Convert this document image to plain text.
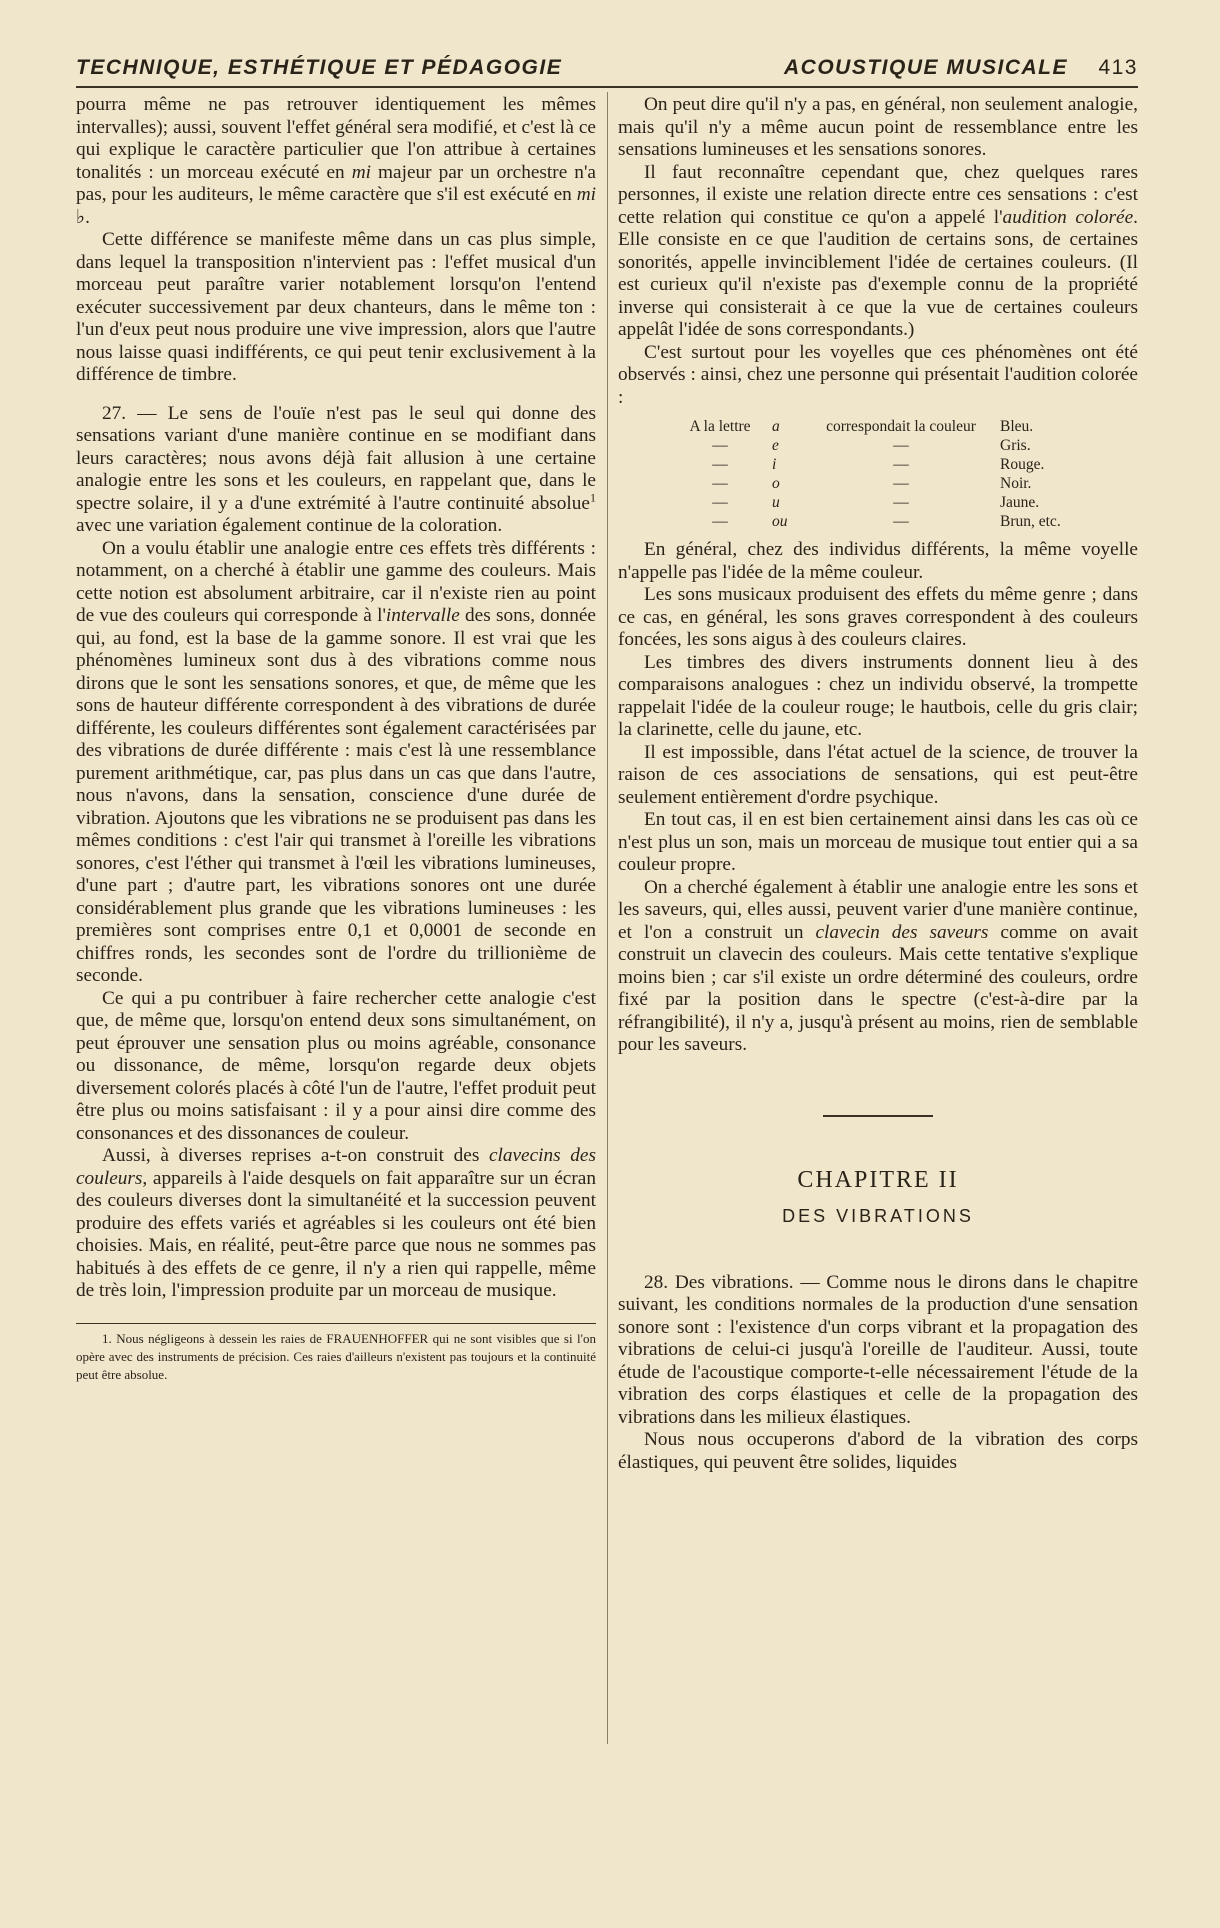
TECHNIQUE, ESTHÉTIQUE ET PÉDAGOGIE	ACOUSTIQUE MUSICALE 413

pourra même ne pas retrouver identiquement les mêmes intervalles); aussi, souvent l'effet général sera modifié, et c'est là ce qui explique le caractère particulier que l'on attribue à certaines tonalités : un morceau exécuté en mi majeur par un orchestre n'a pas, pour les auditeurs, le même caractère que s'il est exécuté en mi ♭.

Cette différence se manifeste même dans un cas plus simple, dans lequel la transposition n'intervient pas : l'effet musical d'un morceau peut paraître varier notablement lorsqu'on l'entend exécuter successivement par deux chanteurs, dans le même ton : l'un d'eux peut nous produire une vive impression, alors que l'autre nous laisse quasi indifférents, ce qui peut tenir exclusivement à la différence de timbre.

27. — Le sens de l'ouïe n'est pas le seul qui donne des sensations variant d'une manière continue en se modifiant dans leurs caractères; nous avons déjà fait allusion à une certaine analogie entre les sons et les couleurs, en rappelant que, dans le spectre solaire, il y a d'une extrémité à l'autre continuité absolue$^1$ avec une variation également continue de la coloration.

On a voulu établir une analogie entre ces effets très différents : notamment, on a cherché à établir une gamme des couleurs. Mais cette notion est absolument arbitraire, car il n'existe rien au point de vue des couleurs qui corresponde à l'intervalle des sons, donnée qui, au fond, est la base de la gamme sonore. Il est vrai que les phénomènes lumineux sont dus à des vibrations comme nous dirons que le sont les sensations sonores, et que, de même que les sons de hauteur différente correspondent à des vibrations de durée différente, les couleurs différentes sont également caractérisées par des vibrations de durée différente : mais c'est là une ressemblance purement arithmétique, car, pas plus dans un cas que dans l'autre, nous n'avons, dans la sensation, conscience d'une durée de vibration. Ajoutons que les vibrations ne se produisent pas dans les mêmes conditions : c'est l'air qui transmet à l'oreille les vibrations sonores, c'est l'éther qui transmet à l'œil les vibrations lumineuses, d'une part ; d'autre part, les vibrations sonores ont une durée considérablement plus grande que les vibrations lumineuses : les premières sont comprises entre 0,1 et 0,0001 de seconde en chiffres ronds, les secondes sont de l'ordre du trillionième de seconde.

Ce qui a pu contribuer à faire rechercher cette analogie c'est que, de même que, lorsqu'on entend deux sons simultanément, on peut éprouver une sensation plus ou moins agréable, consonance ou dissonance, de même, lorsqu'on regarde deux objets diversement colorés placés à côté l'un de l'autre, l'effet produit peut être plus ou moins satisfaisant : il y a pour ainsi dire comme des consonances et des dissonances de couleur.

Aussi, à diverses reprises a-t-on construit des clavecins des couleurs, appareils à l'aide desquels on fait apparaître sur un écran des couleurs diverses dont la simultanéité et la succession peuvent produire des effets variés et agréables si les couleurs ont été bien choisies. Mais, en réalité, peut-être parce que nous ne sommes pas habitués à des effets de ce genre, il n'y a rien qui rappelle, même de très loin, l'impression produite par un morceau de musique.

1. Nous négligeons à dessein les raies de FRAUENHOFFER qui ne sont visibles que si l'on opère avec des instruments de précision. Ces raies d'ailleurs n'existent pas toujours et la continuité peut être absolue.

On peut dire qu'il n'y a pas, en général, non seulement analogie, mais qu'il n'y a même aucun point de ressemblance entre les sensations lumineuses et les sensations sonores.

Il faut reconnaître cependant que, chez quelques rares personnes, il existe une relation directe entre ces sensations : c'est cette relation qui constitue ce qu'on a appelé l'audition colorée. Elle consiste en ce que l'audition de certains sons, de certaines sonorités, appelle invinciblement l'idée de certaines couleurs. (Il est curieux qu'il n'existe pas d'exemple connu de la propriété inverse qui consisterait à ce que la vue de certaines couleurs appelât l'idée de sons correspondants.)

C'est surtout pour les voyelles que ces phénomènes ont été observés : ainsi, chez une personne qui présentait l'audition colorée :

A la lettre	a	correspondait la couleur	Bleu.
—	e	—	Gris.
—	i	—	Rouge.
—	o	—	Noir.
—	u	—	Jaune.
—	ou	—	Brun, etc.

En général, chez des individus différents, la même voyelle n'appelle pas l'idée de la même couleur.

Les sons musicaux produisent des effets du même genre ; dans ce cas, en général, les sons graves correspondent à des couleurs foncées, les sons aigus à des couleurs claires.

Les timbres des divers instruments donnent lieu à des comparaisons analogues : chez un individu observé, la trompette rappelait l'idée de la couleur rouge; le hautbois, celle du gris clair; la clarinette, celle du jaune, etc.

Il est impossible, dans l'état actuel de la science, de trouver la raison de ces associations de sensations, qui est peut-être seulement entièrement d'ordre psychique.

En tout cas, il en est bien certainement ainsi dans les cas où ce n'est plus un son, mais un morceau de musique tout entier qui a sa couleur propre.

On a cherché également à établir une analogie entre les sons et les saveurs, qui, elles aussi, peuvent varier d'une manière continue, et l'on a construit un clavecin des saveurs comme on avait construit un clavecin des couleurs. Mais cette tentative s'explique moins bien ; car s'il existe un ordre déterminé des couleurs, ordre fixé par la position dans le spectre (c'est-à-dire par la réfrangibilité), il n'y a, jusqu'à présent au moins, rien de semblable pour les saveurs.

CHAPITRE II
DES VIBRATIONS

28. Des vibrations. — Comme nous le dirons dans le chapitre suivant, les conditions normales de la production d'une sensation sonore sont : l'existence d'un corps vibrant et la propagation des vibrations de celui-ci jusqu'à l'oreille de l'auditeur. Aussi, toute étude de l'acoustique comporte-t-elle nécessairement l'étude de la vibration des corps élastiques et celle de la propagation des vibrations dans les milieux élastiques.

Nous nous occuperons d'abord de la vibration des corps élastiques, qui peuvent être solides, liquides
